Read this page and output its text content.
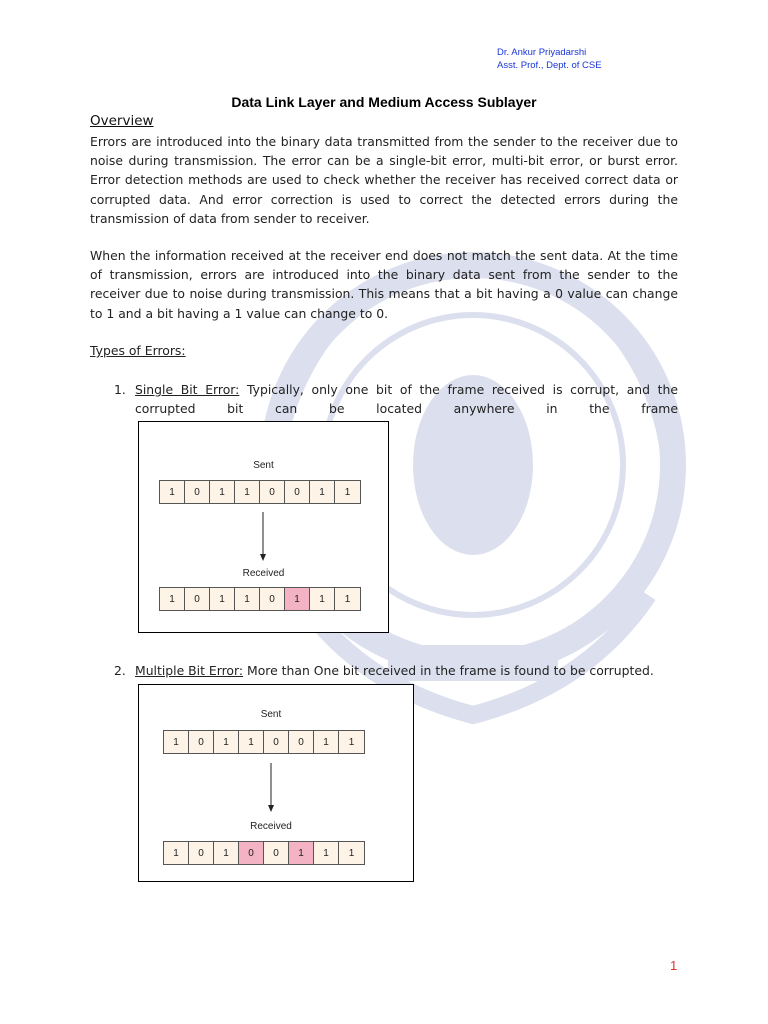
Dr. Ankur Priyadarshi
Asst. Prof., Dept. of CSE
Data Link Layer and Medium Access Sublayer
Overview

Errors are introduced into the binary data transmitted from the sender to the receiver due to noise during transmission. The error can be a single-bit error, multi-bit error, or burst error. Error detection methods are used to check whether the receiver has received correct data or corrupted data. And error correction is used to correct the detected errors during the transmission of data from sender to receiver.

When the information received at the receiver end does not match the sent data. At the time of transmission, errors are introduced into the binary data sent from the sender to the receiver due to noise during transmission. This means that a bit having a 0 value can change to 1 and a bit having a 1 value can change to 0.

Types of Errors:
1. Single Bit Error: Typically, only one bit of the frame received is corrupt, and the corrupted bit can be located anywhere in the frame
Sent
1	0	1	1	0	0	1	1
Received
1	0	1	1	0	1	1	1
2. Multiple Bit Error: More than One bit received in the frame is found to be corrupted.
Sent
1	0	1	1	0	0	1	1
Received
1	0	1	0	0	1	1	1
1
